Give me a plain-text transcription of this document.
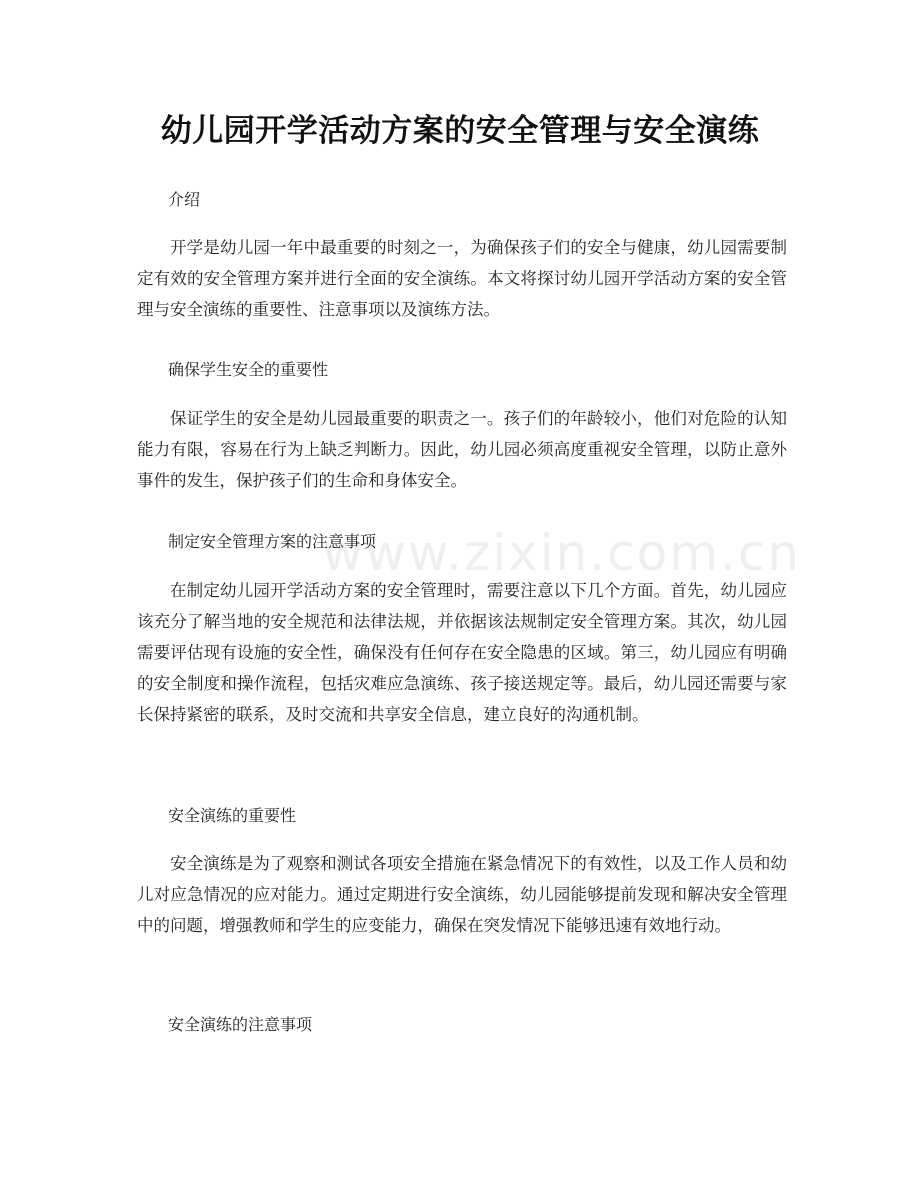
www.zixin.com.cn
幼儿园开学活动方案的安全管理与安全演练
介绍

开学是幼儿园一年中最重要的时刻之一，为确保孩子们的安全与健康，幼儿园需要制定有效的安全管理方案并进行全面的安全演练。本文将探讨幼儿园开学活动方案的安全管理与安全演练的重要性、注意事项以及演练方法。

确保学生安全的重要性

保证学生的安全是幼儿园最重要的职责之一。孩子们的年龄较小，他们对危险的认知能力有限，容易在行为上缺乏判断力。因此，幼儿园必须高度重视安全管理，以防止意外事件的发生，保护孩子们的生命和身体安全。

制定安全管理方案的注意事项

在制定幼儿园开学活动方案的安全管理时，需要注意以下几个方面。首先，幼儿园应该充分了解当地的安全规范和法律法规，并依据该法规制定安全管理方案。其次，幼儿园需要评估现有设施的安全性，确保没有任何存在安全隐患的区域。第三，幼儿园应有明确的安全制度和操作流程，包括灾难应急演练、孩子接送规定等。最后，幼儿园还需要与家长保持紧密的联系，及时交流和共享安全信息，建立良好的沟通机制。

安全演练的重要性

安全演练是为了观察和测试各项安全措施在紧急情况下的有效性，以及工作人员和幼儿对应急情况的应对能力。通过定期进行安全演练，幼儿园能够提前发现和解决安全管理中的问题，增强教师和学生的应变能力，确保在突发情况下能够迅速有效地行动。

安全演练的注意事项
